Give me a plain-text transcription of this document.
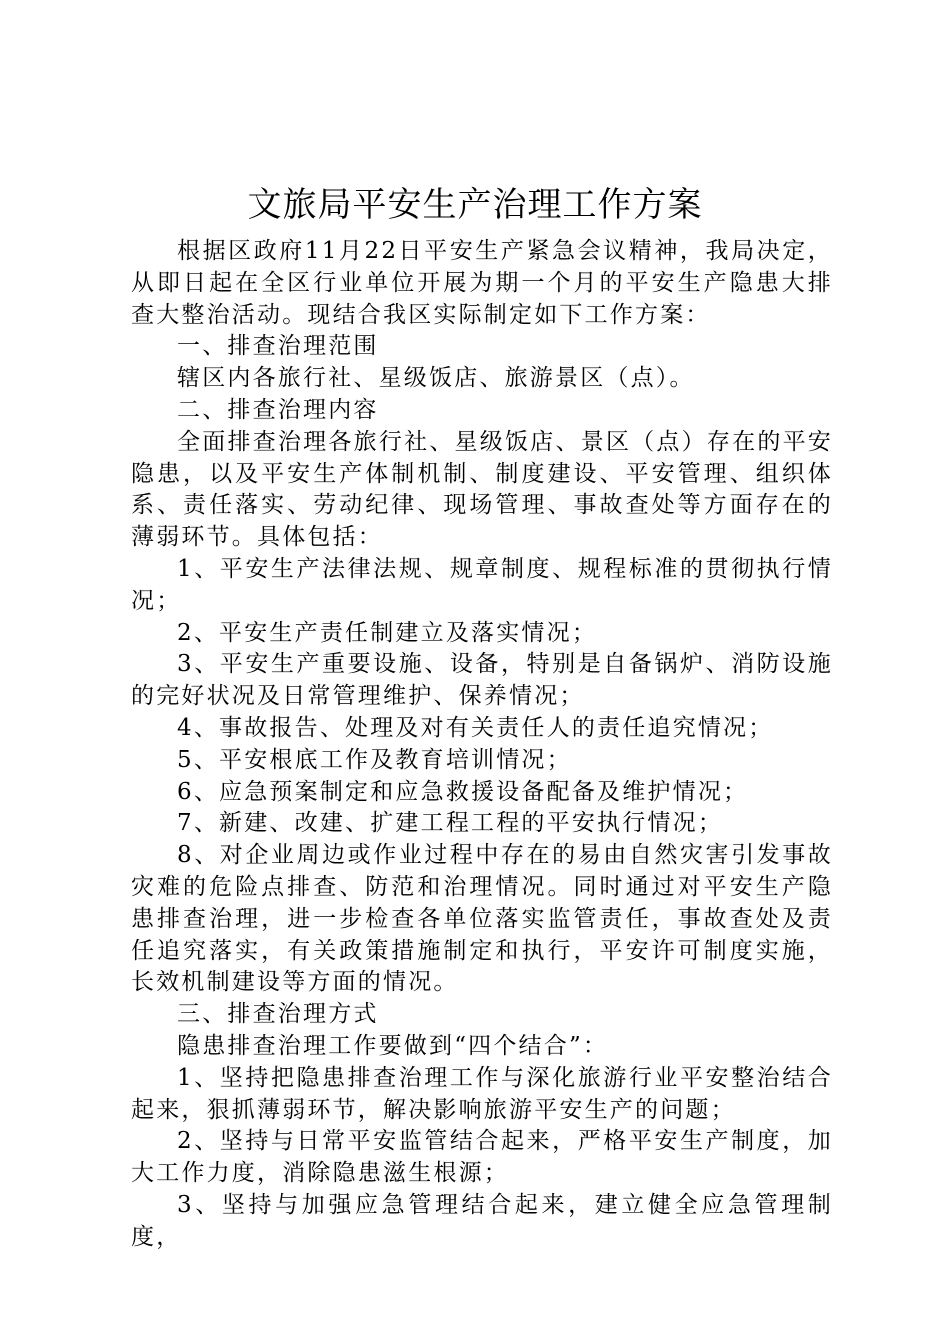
文旅局平安生产治理工作方案

根据区政府11月22日平安生产紧急会议精神，我局决定，从即日起在全区行业单位开展为期一个月的平安生产隐患大排查大整治活动。现结合我区实际制定如下工作方案：

一、排查治理范围

辖区内各旅行社、星级饭店、旅游景区（点）。

二、排查治理内容

全面排查治理各旅行社、星级饭店、景区（点）存在的平安隐患，以及平安生产体制机制、制度建设、平安管理、组织体系、责任落实、劳动纪律、现场管理、事故查处等方面存在的薄弱环节。具体包括：

1、平安生产法律法规、规章制度、规程标准的贯彻执行情况；

2、平安生产责任制建立及落实情况；

3、平安生产重要设施、设备，特别是自备锅炉、消防设施的完好状况及日常管理维护、保养情况；

4、事故报告、处理及对有关责任人的责任追究情况；

5、平安根底工作及教育培训情况；

6、应急预案制定和应急救援设备配备及维护情况；

7、新建、改建、扩建工程工程的平安执行情况；

8、对企业周边或作业过程中存在的易由自然灾害引发事故灾难的危险点排查、防范和治理情况。同时通过对平安生产隐患排查治理，进一步检查各单位落实监管责任，事故查处及责任追究落实，有关政策措施制定和执行，平安许可制度实施，长效机制建设等方面的情况。

三、排查治理方式

隐患排查治理工作要做到“四个结合”：

1、坚持把隐患排查治理工作与深化旅游行业平安整治结合起来，狠抓薄弱环节，解决影响旅游平安生产的问题；

2、坚持与日常平安监管结合起来，严格平安生产制度，加大工作力度，消除隐患滋生根源；

3、坚持与加强应急管理结合起来，建立健全应急管理制度，
